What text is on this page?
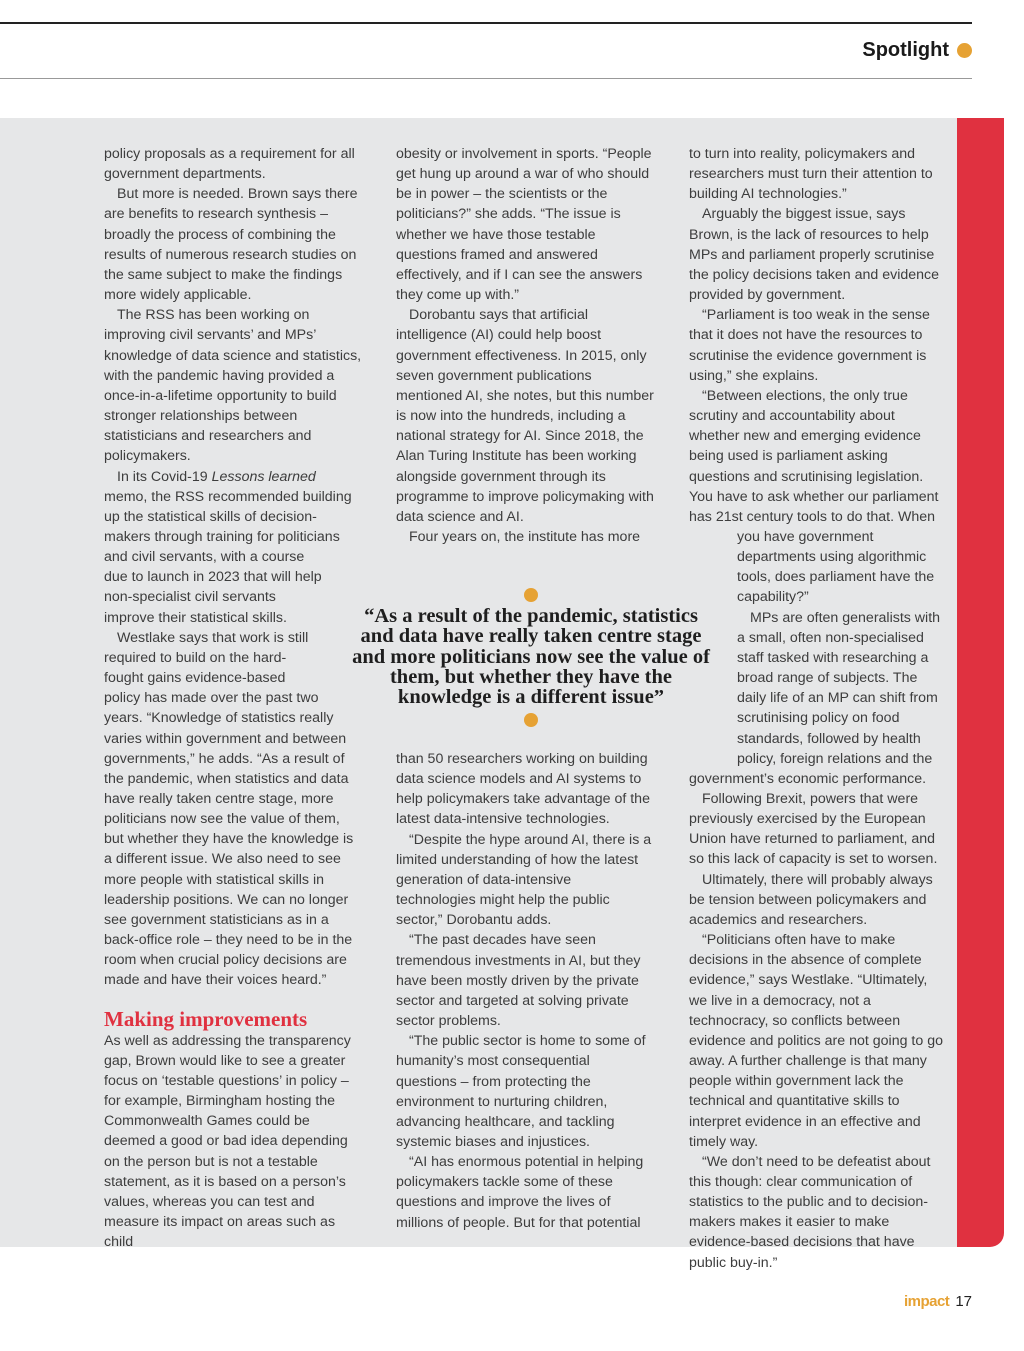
Spotlight

policy proposals as a requirement for all government departments.

But more is needed. Brown says there are benefits to research synthesis – broadly the process of combining the results of numerous research studies on the same subject to make the findings more widely applicable.

The RSS has been working on improving civil servants’ and MPs’ knowledge of data science and statistics, with the pandemic having provided a once-in-a-lifetime opportunity to build stronger relationships between statisticians and researchers and policymakers.

In its Covid-19 Lessons learned memo, the RSS recommended building up the statistical skills of decision-makers through training for politicians and civil servants, with a course due to launch in 2023 that will help non-specialist civil servants improve their statistical skills.

Westlake says that work is still required to build on the hard-fought gains evidence-based policy has made over the past two years. “Knowledge of statistics really varies within government and between governments,” he adds. “As a result of the pandemic, when statistics and data have really taken centre stage, more politicians now see the value of them, but whether they have the knowledge is a different issue. We also need to see more people with statistical skills in leadership positions. We can no longer see government statisticians as in a back-office role – they need to be in the room when crucial policy decisions are made and have their voices heard.”

Making improvements

As well as addressing the transparency gap, Brown would like to see a greater focus on ‘testable questions’ in policy – for example, Birmingham hosting the Commonwealth Games could be deemed a good or bad idea depending on the person but is not a testable statement, as it is based on a person’s values, whereas you can test and measure its impact on areas such as child

obesity or involvement in sports. “People get hung up around a war of who should be in power – the scientists or the politicians?” she adds. “The issue is whether we have those testable questions framed and answered effectively, and if I can see the answers they come up with.”

Dorobantu says that artificial intelligence (AI) could help boost government effectiveness. In 2015, only seven government publications mentioned AI, she notes, but this number is now into the hundreds, including a national strategy for AI. Since 2018, the Alan Turing Institute has been working alongside government through its programme to improve policymaking with data science and AI.

Four years on, the institute has more

“As a result of the pandemic, statistics and data have really taken centre stage and more politicians now see the value of them, but whether they have the knowledge is a different issue”

than 50 researchers working on building data science models and AI systems to help policymakers take advantage of the latest data-intensive technologies.

“Despite the hype around AI, there is a limited understanding of how the latest generation of data-intensive technologies might help the public sector,” Dorobantu adds.

“The past decades have seen tremendous investments in AI, but they have been mostly driven by the private sector and targeted at solving private sector problems.

“The public sector is home to some of humanity’s most consequential questions – from protecting the environment to nurturing children, advancing healthcare, and tackling systemic biases and injustices.

“AI has enormous potential in helping policymakers tackle some of these questions and improve the lives of millions of people. But for that potential

to turn into reality, policymakers and researchers must turn their attention to building AI technologies.”

Arguably the biggest issue, says Brown, is the lack of resources to help MPs and parliament properly scrutinise the policy decisions taken and evidence provided by government.

“Parliament is too weak in the sense that it does not have the resources to scrutinise the evidence government is using,” she explains.

“Between elections, the only true scrutiny and accountability about whether new and emerging evidence being used is parliament asking questions and scrutinising legislation. You have to ask whether our parliament has 21st century tools to do that. When you have government departments using algorithmic tools, does parliament have the capability?”

MPs are often generalists with a small, often non-specialised staff tasked with researching a broad range of subjects. The daily life of an MP can shift from scrutinising policy on food standards, followed by health policy, foreign relations and the government’s economic performance.

Following Brexit, powers that were previously exercised by the European Union have returned to parliament, and so this lack of capacity is set to worsen.

Ultimately, there will probably always be tension between policymakers and academics and researchers.

“Politicians often have to make decisions in the absence of complete evidence,” says Westlake. “Ultimately, we live in a democracy, not a technocracy, so conflicts between evidence and politics are not going to go away. A further challenge is that many people within government lack the technical and quantitative skills to interpret evidence in an effective and timely way.

“We don’t need to be defeatist about this though: clear communication of statistics to the public and to decision-makers makes it easier to make evidence-based decisions that have public buy-in.”

impact 17
